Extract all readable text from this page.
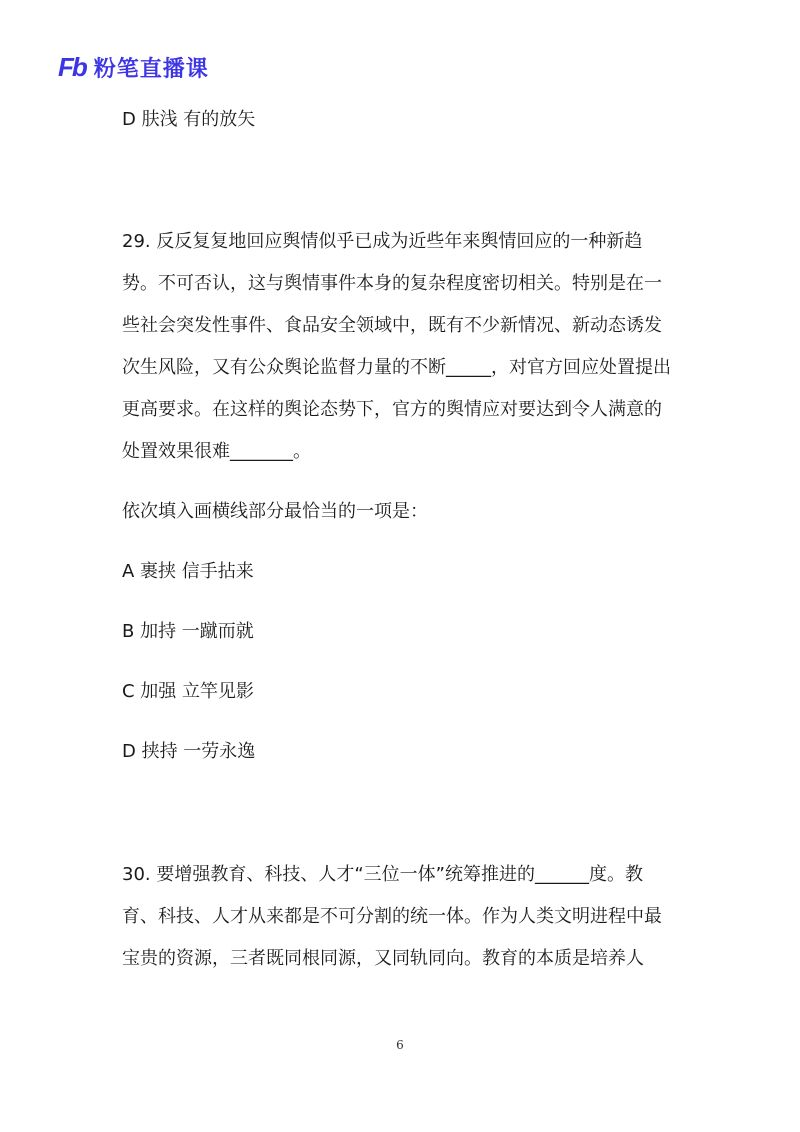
Fb 粉笔直播课
D 肤浅 有的放矢
29. 反反复复地回应舆情似乎已成为近些年来舆情回应的一种新趋
势。不可否认，这与舆情事件本身的复杂程度密切相关。特别是在一
些社会突发性事件、食品安全领域中，既有不少新情况、新动态诱发
次生风险，又有公众舆论监督力量的不断_____，对官方回应处置提出
更高要求。在这样的舆论态势下，官方的舆情应对要达到令人满意的
处置效果很难_______。
依次填入画横线部分最恰当的一项是：
A 裹挟 信手拈来
B 加持 一蹴而就
C 加强 立竿见影
D 挟持 一劳永逸
30. 要增强教育、科技、人才“三位一体”统筹推进的______度。教
育、科技、人才从来都是不可分割的统一体。作为人类文明进程中最
宝贵的资源，三者既同根同源，又同轨同向。教育的本质是培养人
6
